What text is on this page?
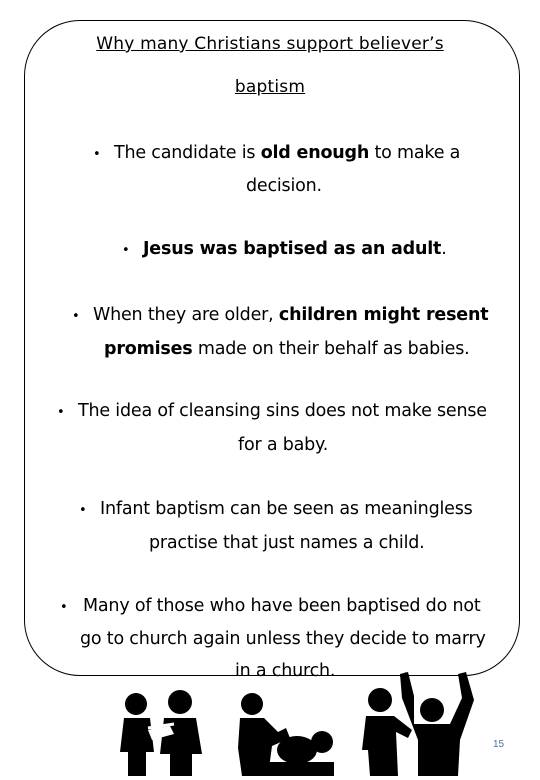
Why many Christians support believer’s
baptism
• The candidate is old enough to make a
decision.
• Jesus was baptised as an adult.
• When they are older, children might resent
promises made on their behalf as babies.
• The idea of cleansing sins does not make sense
for a baby.
• Infant baptism can be seen as meaningless
practise that just names a child.
• Many of those who have been baptised do not
go to church again unless they decide to marry
in a church.
15
